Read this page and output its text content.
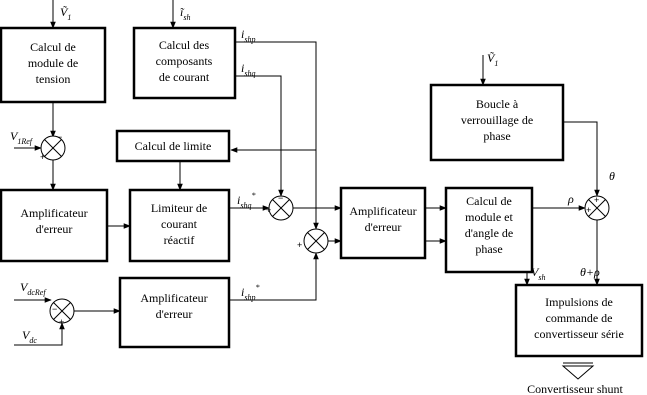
Calcul de
module de
tension
Calcul des
composants
de courant
Boucle à
verrouillage de
phase
Calcul de limite
Amplificateur
d'erreur
Limiteur de
courant
réactif
Amplificateur
d'erreur
Calcul de
module et
d'angle de
phase
Amplificateur
d'erreur
Impulsions de
commande de
convertisseur série
+
−
+
−
+
+
+
−
+
Ṽ$_1$	$ĩ_{sh}$
Ṽ$_1$
$i_{shp}$
$i_{shq}$
$V_{1Ref}$
$i_{shq}^*$
$i_{shp}^*$
$V_{dcRef}$
$V_{dc}$
θ
ρ
$V_{sh}$	θ+ρ
Convertisseur shunt
